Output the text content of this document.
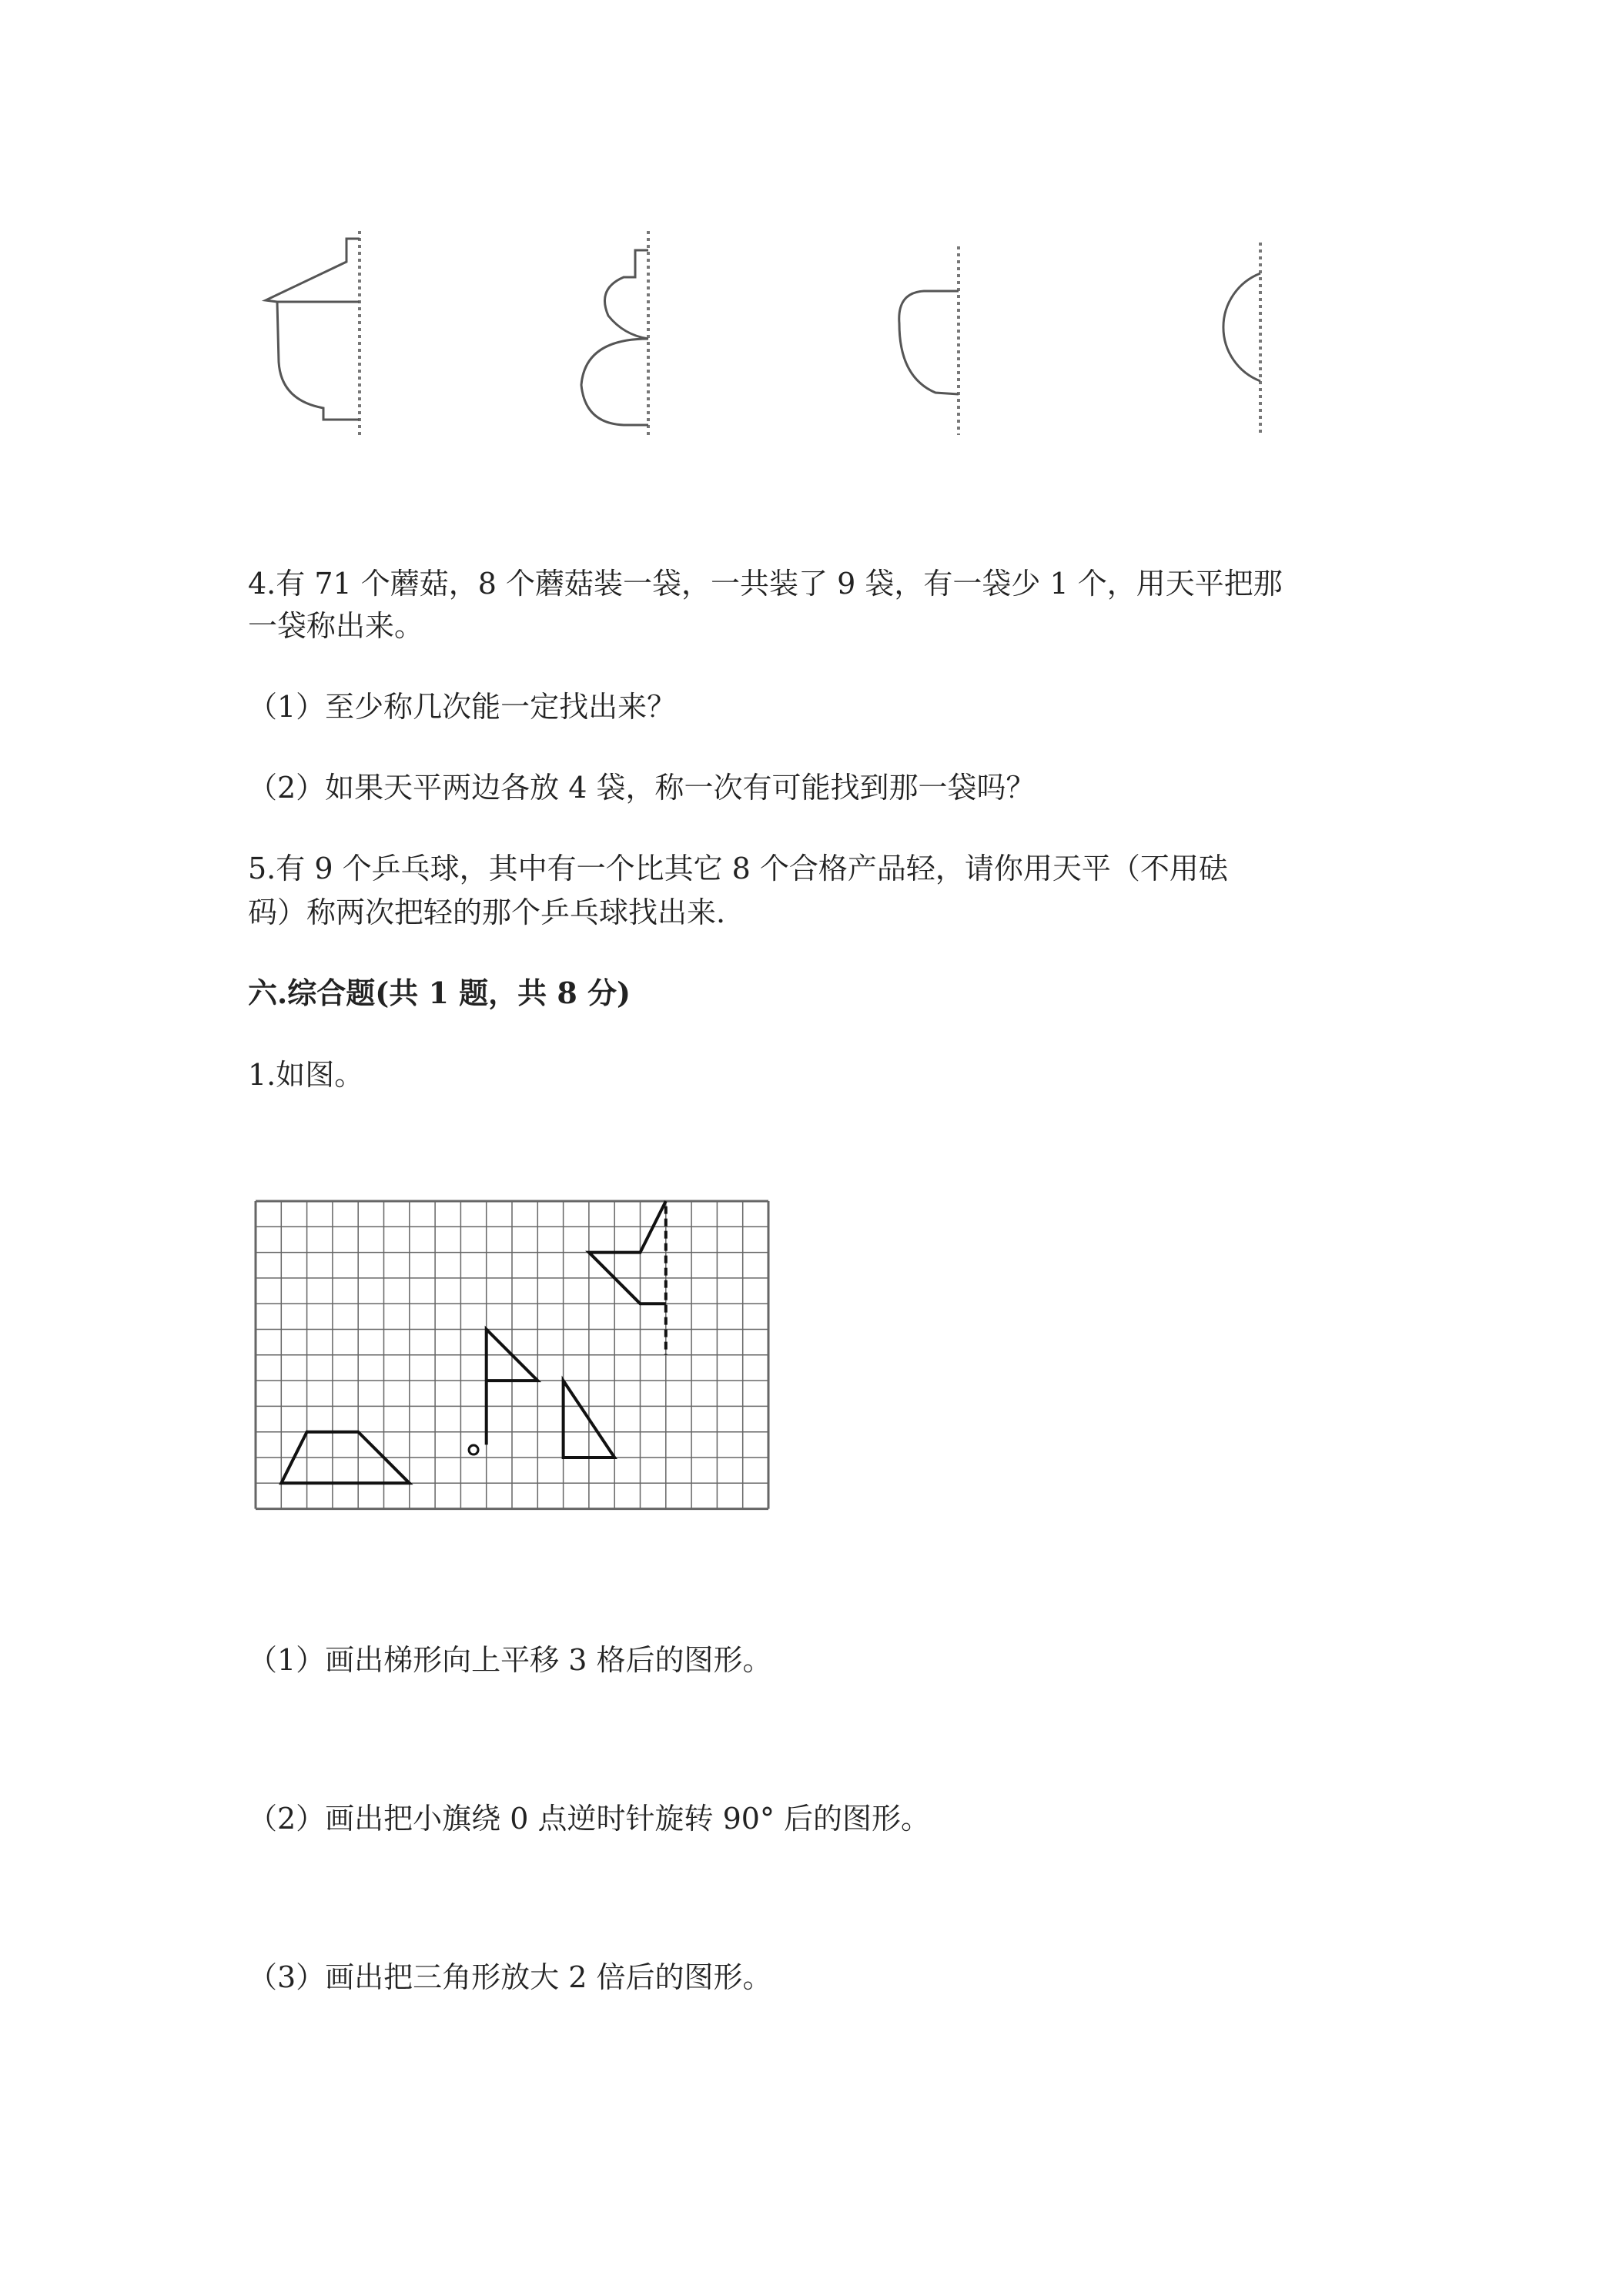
4.有 71 个蘑菇，8 个蘑菇装一袋，一共装了 9 袋，有一袋少 1 个，用天平把那
一袋称出来。
（1）至少称几次能一定找出来？
（2）如果天平两边各放 4 袋，称一次有可能找到那一袋吗？
5.有 9 个乒乓球，其中有一个比其它 8 个合格产品轻，请你用天平（不用砝
码）称两次把轻的那个乒乓球找出来.
六.综合题(共 1 题，共 8 分)
1.如图。
（1）画出梯形向上平移 3 格后的图形。
（2）画出把小旗绕 0 点逆时针旋转 90° 后的图形。
（3）画出把三角形放大 2 倍后的图形。
